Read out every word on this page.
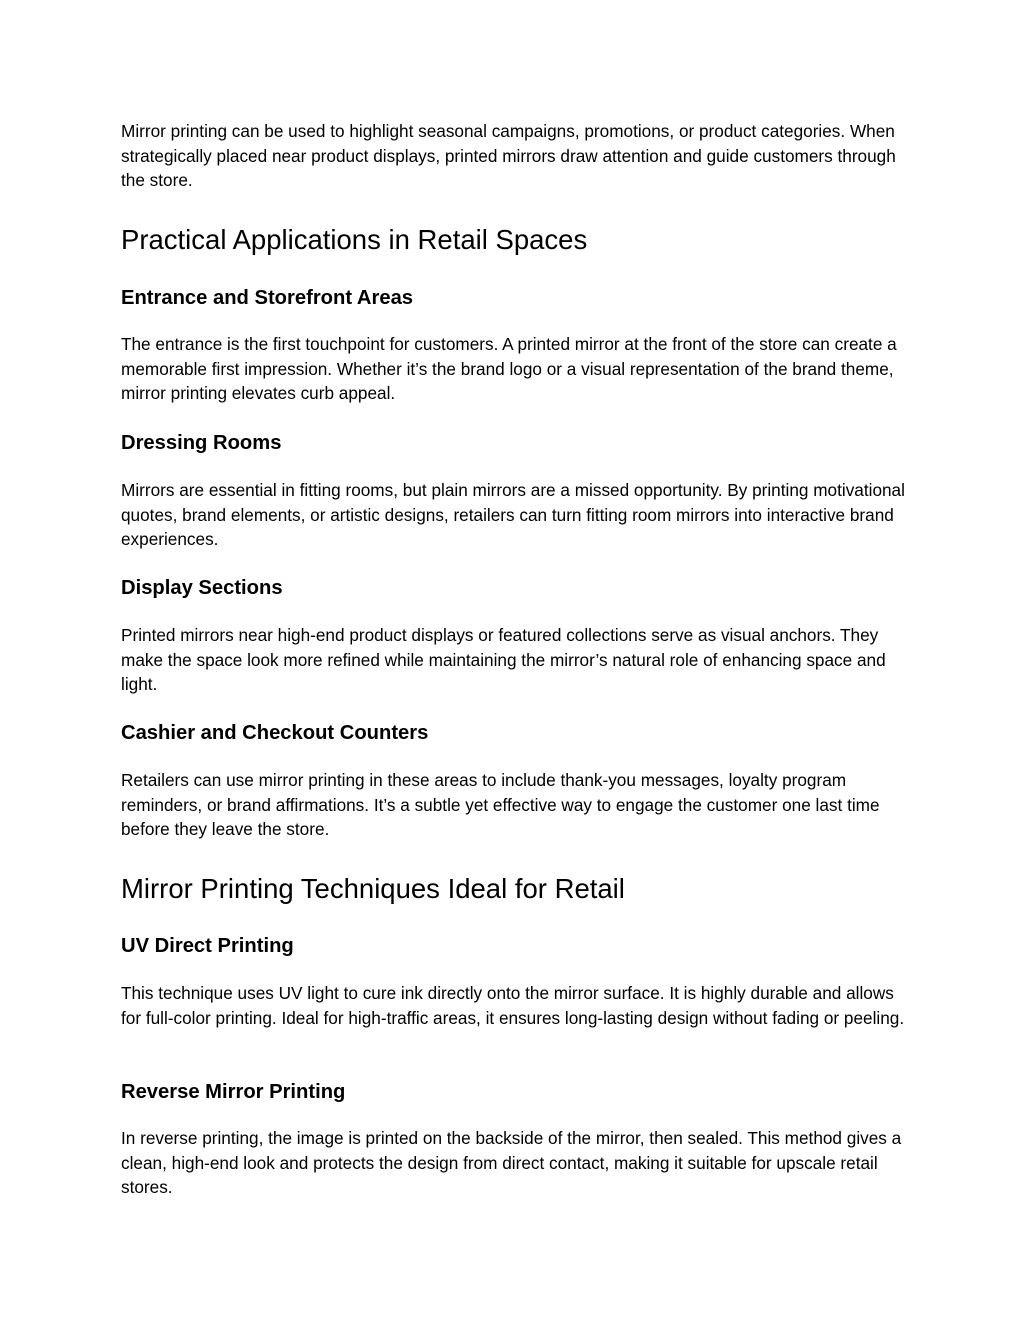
Mirror printing can be used to highlight seasonal campaigns, promotions, or product categories. When strategically placed near product displays, printed mirrors draw attention and guide customers through the store.

Practical Applications in Retail Spaces
Entrance and Storefront Areas

The entrance is the first touchpoint for customers. A printed mirror at the front of the store can create a memorable first impression. Whether it’s the brand logo or a visual representation of the brand theme, mirror printing elevates curb appeal.

Dressing Rooms

Mirrors are essential in fitting rooms, but plain mirrors are a missed opportunity. By printing motivational quotes, brand elements, or artistic designs, retailers can turn fitting room mirrors into interactive brand experiences.

Display Sections

Printed mirrors near high-end product displays or featured collections serve as visual anchors. They make the space look more refined while maintaining the mirror’s natural role of enhancing space and light.

Cashier and Checkout Counters

Retailers can use mirror printing in these areas to include thank-you messages, loyalty program reminders, or brand affirmations. It’s a subtle yet effective way to engage the customer one last time before they leave the store.

Mirror Printing Techniques Ideal for Retail
UV Direct Printing

This technique uses UV light to cure ink directly onto the mirror surface. It is highly durable and allows for full-color printing. Ideal for high-traffic areas, it ensures long-lasting design without fading or peeling.

Reverse Mirror Printing

In reverse printing, the image is printed on the backside of the mirror, then sealed. This method gives a clean, high-end look and protects the design from direct contact, making it suitable for upscale retail stores.
